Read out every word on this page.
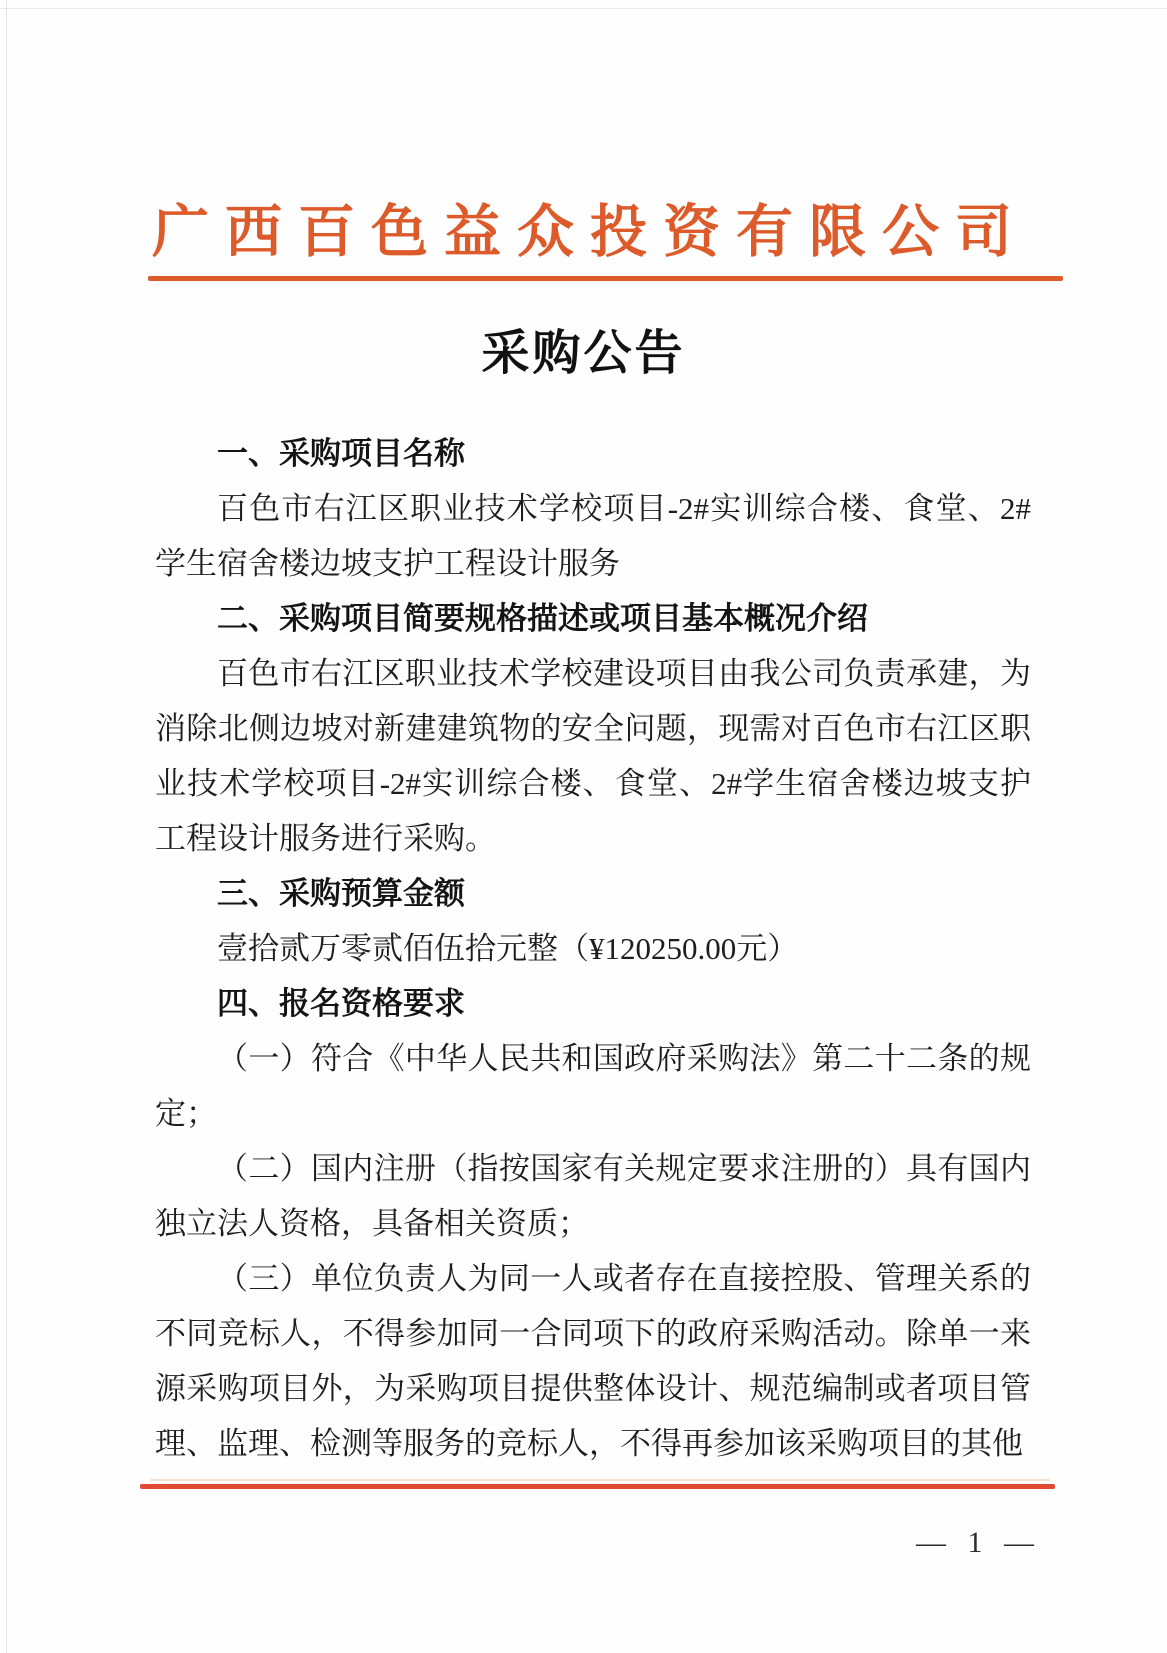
广西百色益众投资有限公司
采购公告

一、采购项目名称

百色市右江区职业技术学校项目-2#实训综合楼、食堂、2#学生宿舍楼边坡支护工程设计服务

二、采购项目简要规格描述或项目基本概况介绍

百色市右江区职业技术学校建设项目由我公司负责承建，为消除北侧边坡对新建建筑物的安全问题，现需对百色市右江区职业技术学校项目-2#实训综合楼、食堂、2#学生宿舍楼边坡支护工程设计服务进行采购。

三、采购预算金额

壹拾贰万零贰佰伍拾元整（¥120250.00元）

四、报名资格要求

（一）符合《中华人民共和国政府采购法》第二十二条的规定；

（二）国内注册（指按国家有关规定要求注册的）具有国内独立法人资格，具备相关资质；

（三）单位负责人为同一人或者存在直接控股、管理关系的不同竞标人，不得参加同一合同项下的政府采购活动。除单一来源采购项目外，为采购项目提供整体设计、规范编制或者项目管理、监理、检测等服务的竞标人，不得再参加该采购项目的其他

— 1 —
